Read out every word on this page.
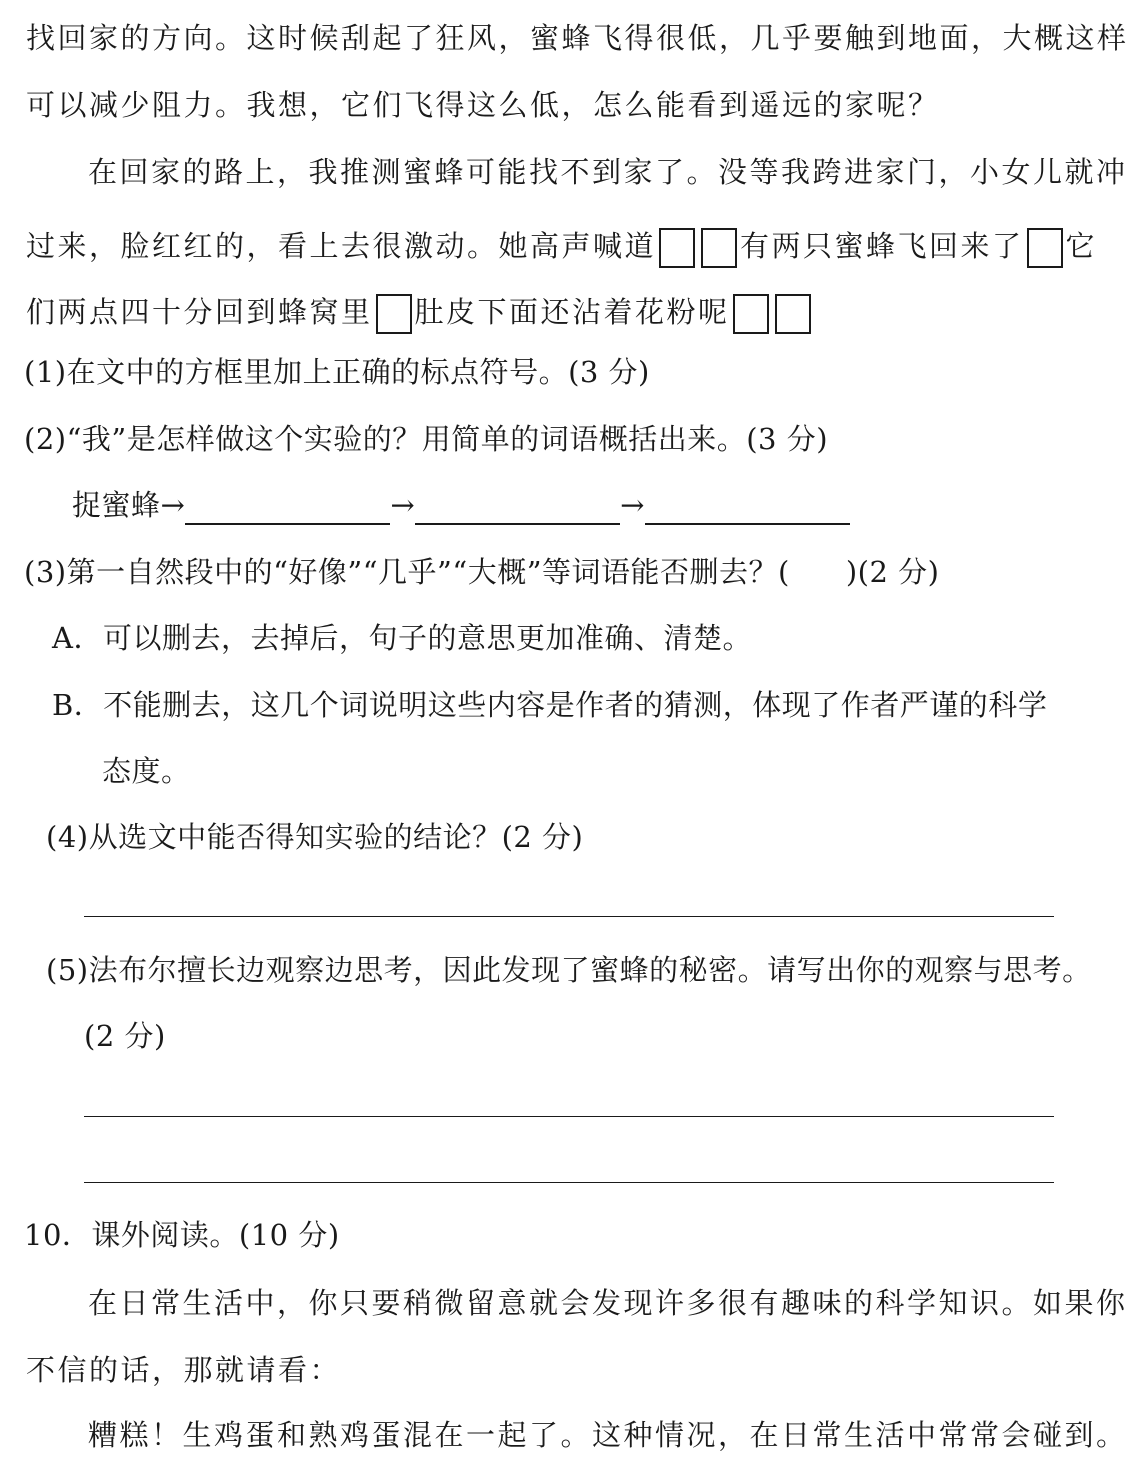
找回家的方向。这时候刮起了狂风，蜜蜂飞得很低，几乎要触到地面，大概这样
可以减少阻力。我想，它们飞得这么低，怎么能看到遥远的家呢？
在回家的路上，我推测蜜蜂可能找不到家了。没等我跨进家门，小女儿就冲
过来，脸红红的，看上去很激动。她高声喊道	有两只蜜蜂飞回来了 它
们两点四十分回到蜂窝里 肚皮下面还沾着花粉呢
(1)在文中的方框里加上正确的标点符号。(3 分)
(2)“我”是怎样做这个实验的？用简单的词语概括出来。(3 分)
捉蜜蜂→	→	→
(3)第一自然段中的“好像”“几乎”“大概”等词语能否删去？( )(2 分)
A．可以删去，去掉后，句子的意思更加准确、清楚。
B．不能删去，这几个词说明这些内容是作者的猜测，体现了作者严谨的科学
态度。
(4)从选文中能否得知实验的结论？(2 分)
(5)法布尔擅长边观察边思考，因此发现了蜜蜂的秘密。请写出你的观察与思考。
(2 分)
10．课外阅读。(10 分)
在日常生活中，你只要稍微留意就会发现许多很有趣味的科学知识。如果你
不信的话，那就请看：
糟糕！生鸡蛋和熟鸡蛋混在一起了。这种情况，在日常生活中常常会碰到。
